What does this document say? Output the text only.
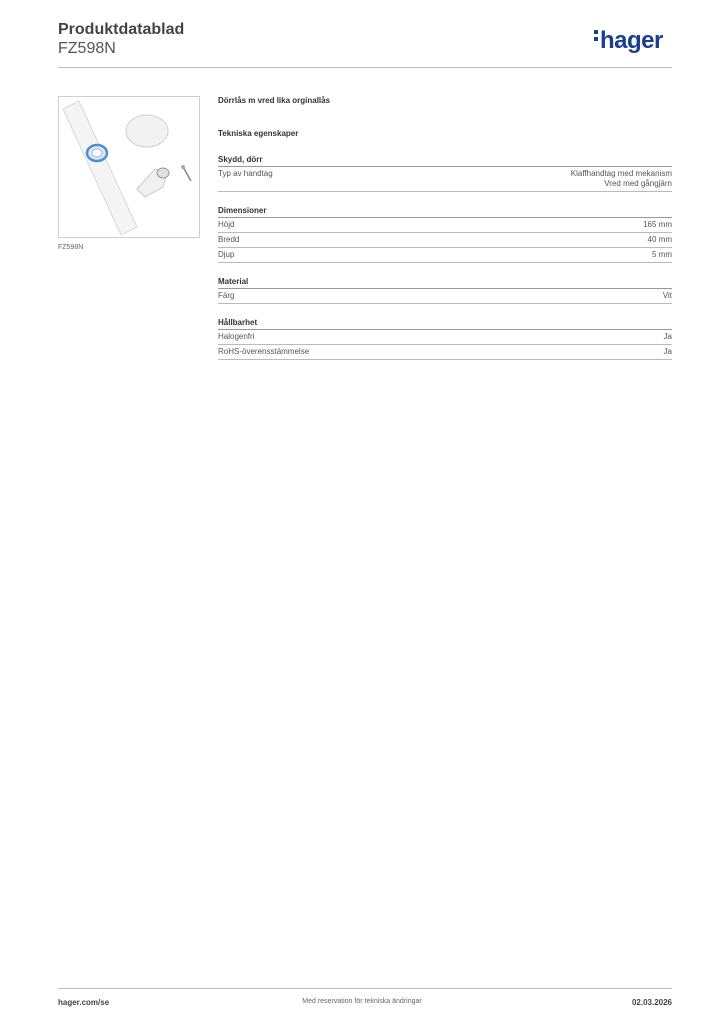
Produktdatablad
FZ598N	hager
FZ598N
Dörrlås m vred lika orginallås
Tekniska egenskaper
Skydd, dörr
Typ av handtag	Klaffhandtag med mekanism
Vred med gångjärn
Dimensioner
Höjd	165 mm
Bredd	40 mm
Djup	5 mm
Material
Färg	Vit
Hållbarhet
Halogenfri	Ja
RoHS-överensstämmelse	Ja
hager.com/se	Med reservation för tekniska ändringar	02.03.2026
